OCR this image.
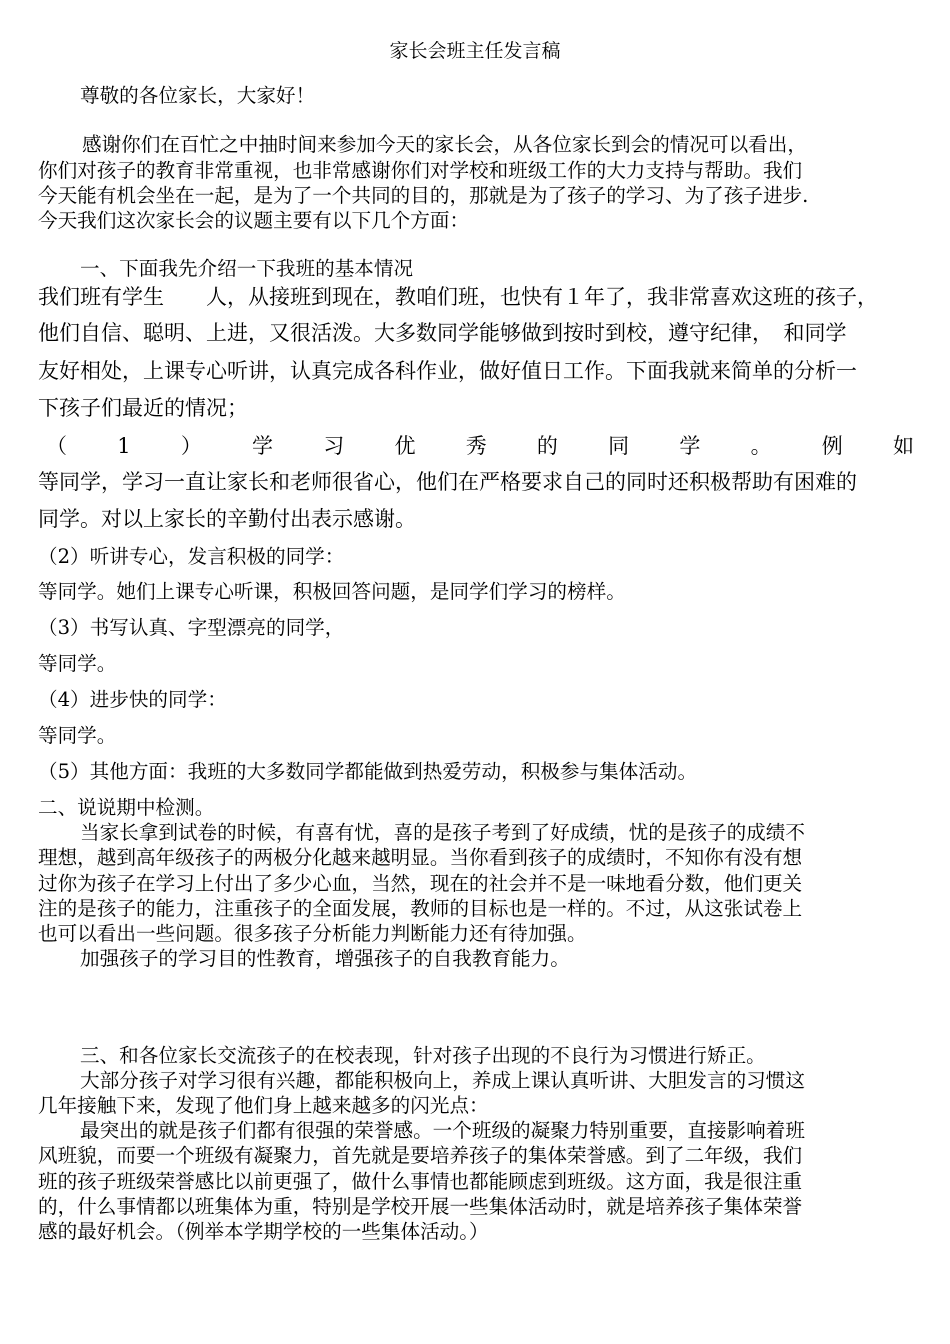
家长会班主任发言稿
尊敬的各位家长，大家好！
感谢你们在百忙之中抽时间来参加今天的家长会，从各位家长到会的情况可以看出，
你们对孩子的教育非常重视，也非常感谢你们对学校和班级工作的大力支持与帮助。我们
今天能有机会坐在一起，是为了一个共同的目的，那就是为了孩子的学习、为了孩子进步.
今天我们这次家长会的议题主要有以下几个方面：
一、下面我先介绍一下我班的基本情况
我们班有学生　　人，从接班到现在，教咱们班，也快有１年了，我非常喜欢这班的孩子，
他们自信、聪明、上进，又很活泼。大多数同学能够做到按时到校，遵守纪律，　和同学
友好相处，上课专心听讲，认真完成各科作业，做好值日工作。下面我就来简单的分析一
下孩子们最近的情况；
（ 1 ） 学 习 优 秀 的 同 学 。 例 如
等同学，学习一直让家长和老师很省心，他们在严格要求自己的同时还积极帮助有困难的
同学。对以上家长的辛勤付出表示感谢。
（2）听讲专心，发言积极的同学：
等同学。她们上课专心听课，积极回答问题，是同学们学习的榜样。
（3）书写认真、字型漂亮的同学，
等同学。
（4）进步快的同学：
等同学。
（5）其他方面：我班的大多数同学都能做到热爱劳动，积极参与集体活动。
二、说说期中检测。
当家长拿到试卷的时候，有喜有忧，喜的是孩子考到了好成绩，忧的是孩子的成绩不
理想，越到高年级孩子的两极分化越来越明显。当你看到孩子的成绩时，不知你有没有想
过你为孩子在学习上付出了多少心血，当然，现在的社会并不是一味地看分数，他们更关
注的是孩子的能力，注重孩子的全面发展，教师的目标也是一样的。不过，从这张试卷上
也可以看出一些问题。很多孩子分析能力判断能力还有待加强。
加强孩子的学习目的性教育，增强孩子的自我教育能力。
三、和各位家长交流孩子的在校表现，针对孩子出现的不良行为习惯进行矫正。
大部分孩子对学习很有兴趣，都能积极向上，养成上课认真听讲、大胆发言的习惯这
几年接触下来，发现了他们身上越来越多的闪光点：
最突出的就是孩子们都有很强的荣誉感。一个班级的凝聚力特别重要，直接影响着班
风班貌，而要一个班级有凝聚力，首先就是要培养孩子的集体荣誉感。到了二年级，我们
班的孩子班级荣誉感比以前更强了，做什么事情也都能顾虑到班级。这方面，我是很注重
的，什么事情都以班集体为重，特别是学校开展一些集体活动时，就是培养孩子集体荣誉
感的最好机会。（例举本学期学校的一些集体活动。）
